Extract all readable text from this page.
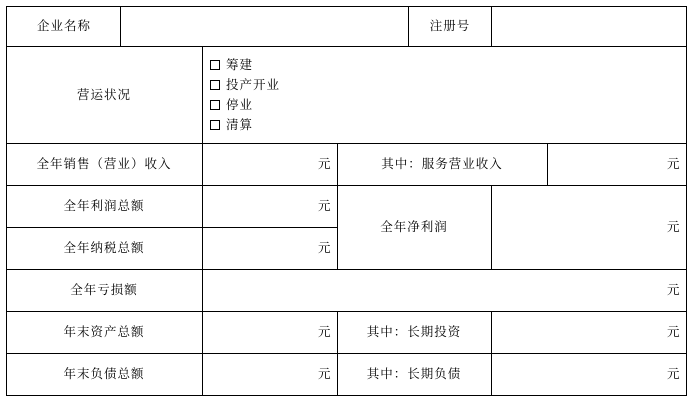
企业名称	注册号
营运状况
筹建
投产开业
停业
清算
全年销售（营业）收入	元	其中：服务营业收入	元
全年利润总额	元
全年纳税总额	元
全年净利润	元
全年亏损额	元
年末资产总额	元	其中：长期投资	元
年末负债总额	元	其中：长期负债	元
